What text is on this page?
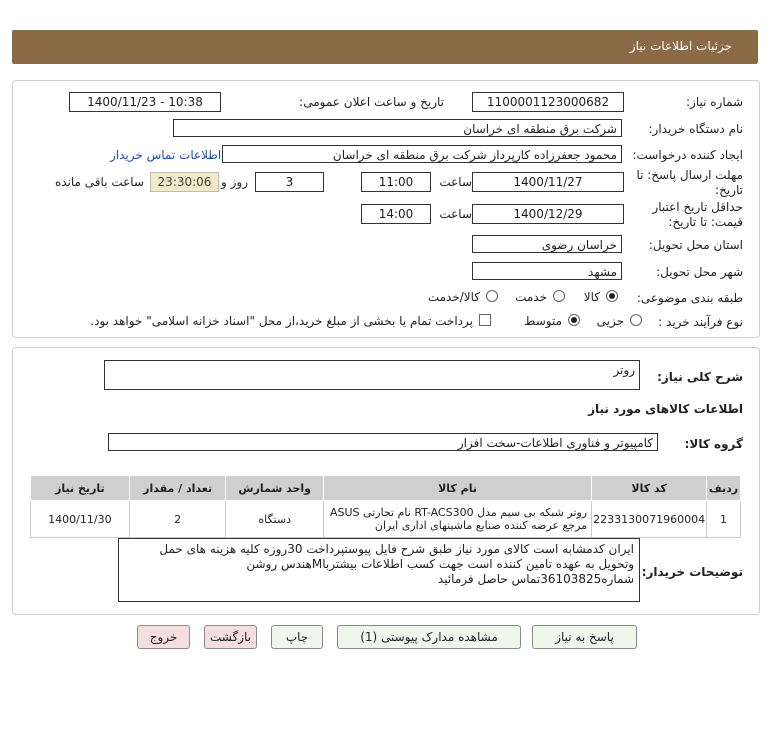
جزئیات اطلاعات نیاز
شماره نیاز:
1100001123000682
تاریخ و ساعت اعلان عمومی:
1400/11/23 - 10:38
نام دستگاه خریدار:
شرکت برق منطقه ای خراسان
ایجاد کننده درخواست:
محمود جعفرزاده کارپرداز شرکت برق منطقه ای خراسان
اطلاعات تماس خریدار
مهلت ارسال پاسخ: تا
تاریخ:
1400/11/27
ساعت
11:00
3
روز و
23:30:06
ساعت باقی مانده
حداقل تاریخ اعتبار
قیمت: تا تاریخ:
1400/12/29
ساعت
14:00
استان محل تحویل:
خراسان رضوی
شهر محل تحویل:
مشهد
طبقه بندی موضوعی:
کالا
خدمت
کالا/خدمت
نوع فرآیند خرید :
جزیی
متوسط
پرداخت تمام یا بخشی از مبلغ خرید،از محل "اسناد خزانه اسلامی" خواهد بود.
شرح کلی نیاز:
روتر
اطلاعات کالاهای مورد نیاز
گروه کالا:
کامپیوتر و فناوری اطلاعات-سخت افزار
تاریخ نیاز	تعداد / مقدار	واحد شمارش	نام کالا	کد کالا	ردیف
1400/11/30	2	دستگاه	روتر شبکه بی سیم مدل RT-ACS300 نام تجارتی ASUS مرجع عرضه کننده صنایع ماشینهای اداری ایران	2233130071960004	1
توضیحات خریدار:
ایران کدمشابه است کالای مورد نیاز طبق شرح فایل پیوستپرداخت 30روزه کلیه هزینه های حمل وتحویل به عهده تامین کننده است جهت کسب اطلاعات بیشترباMهندس روشن شماره36103825تماس حاصل فرمائید
پاسخ به نیاز
مشاهده مدارک پیوستی (1)
چاپ
بازگشت
خروج
